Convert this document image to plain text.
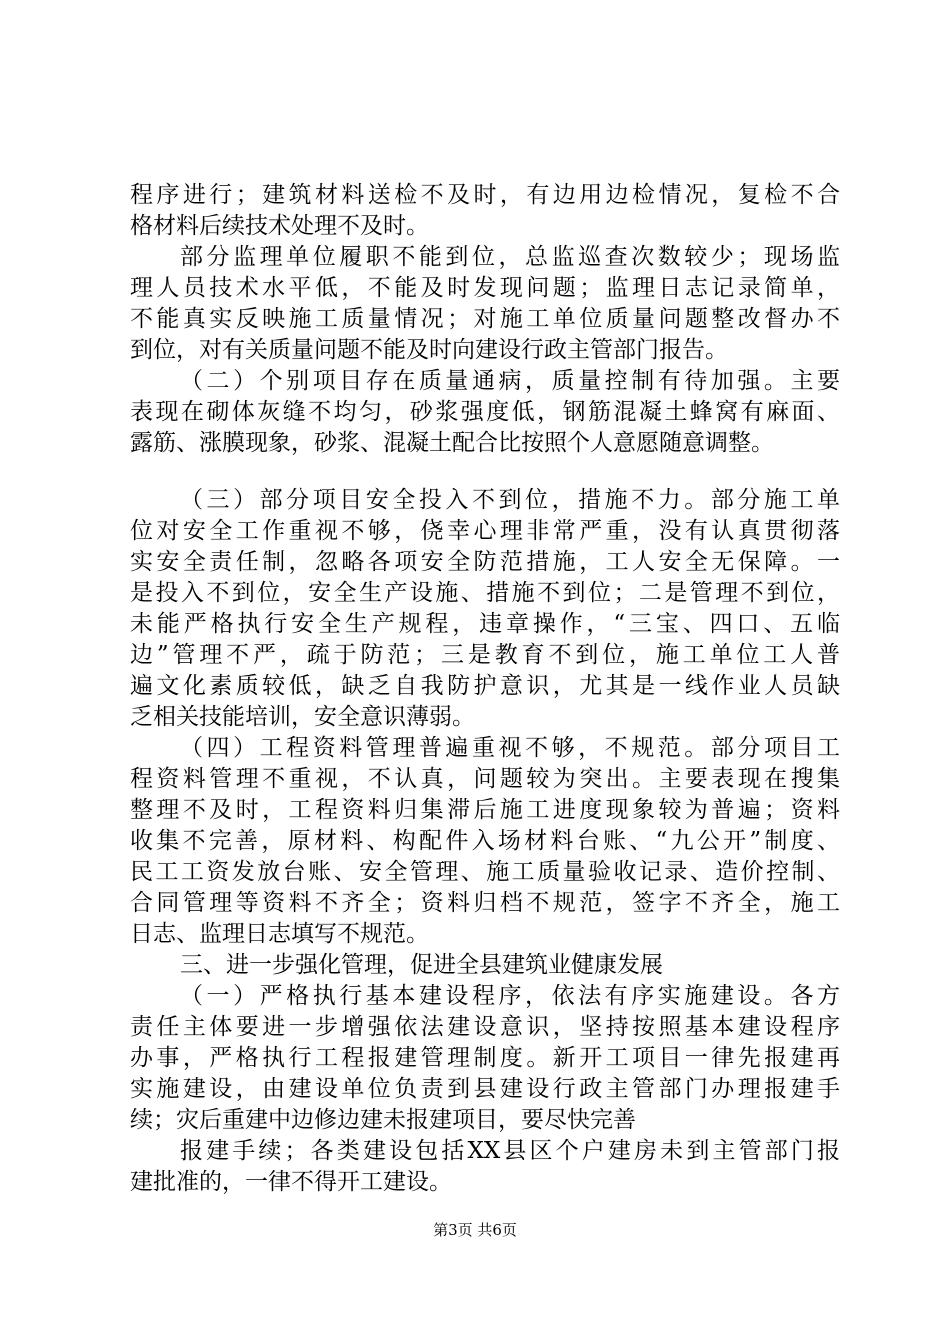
程序进行；建筑材料送检不及时，有边用边检情况，复检不合
格材料后续技术处理不及时。
部分监理单位履职不能到位，总监巡查次数较少；现场监
理人员技术水平低，不能及时发现问题；监理日志记录简单，
不能真实反映施工质量情况；对施工单位质量问题整改督办不
到位，对有关质量问题不能及时向建设行政主管部门报告。
（二）个别项目存在质量通病，质量控制有待加强。主要
表现在砌体灰缝不均匀，砂浆强度低，钢筋混凝土蜂窝有麻面、
露筋、涨膜现象，砂浆、混凝土配合比按照个人意愿随意调整。
（三）部分项目安全投入不到位，措施不力。部分施工单
位对安全工作重视不够，侥幸心理非常严重，没有认真贯彻落
实安全责任制，忽略各项安全防范措施，工人安全无保障。一
是投入不到位，安全生产设施、措施不到位；二是管理不到位，
未能严格执行安全生产规程，违章操作，“三宝、四口、五临
边”管理不严，疏于防范；三是教育不到位，施工单位工人普
遍文化素质较低，缺乏自我防护意识，尤其是一线作业人员缺
乏相关技能培训，安全意识薄弱。
（四）工程资料管理普遍重视不够，不规范。部分项目工
程资料管理不重视，不认真，问题较为突出。主要表现在搜集
整理不及时，工程资料归集滞后施工进度现象较为普遍；资料
收集不完善，原材料、构配件入场材料台账、“九公开”制度、
民工工资发放台账、安全管理、施工质量验收记录、造价控制、
合同管理等资料不齐全；资料归档不规范，签字不齐全，施工
日志、监理日志填写不规范。
三、进一步强化管理，促进全县建筑业健康发展
（一）严格执行基本建设程序，依法有序实施建设。各方
责任主体要进一步增强依法建设意识，坚持按照基本建设程序
办事，严格执行工程报建管理制度。新开工项目一律先报建再
实施建设，由建设单位负责到县建设行政主管部门办理报建手
续；灾后重建中边修边建未报建项目，要尽快完善
报建手续；各类建设包括XX县区个户建房未到主管部门报
建批准的，一律不得开工建设。
第3页 共6页
